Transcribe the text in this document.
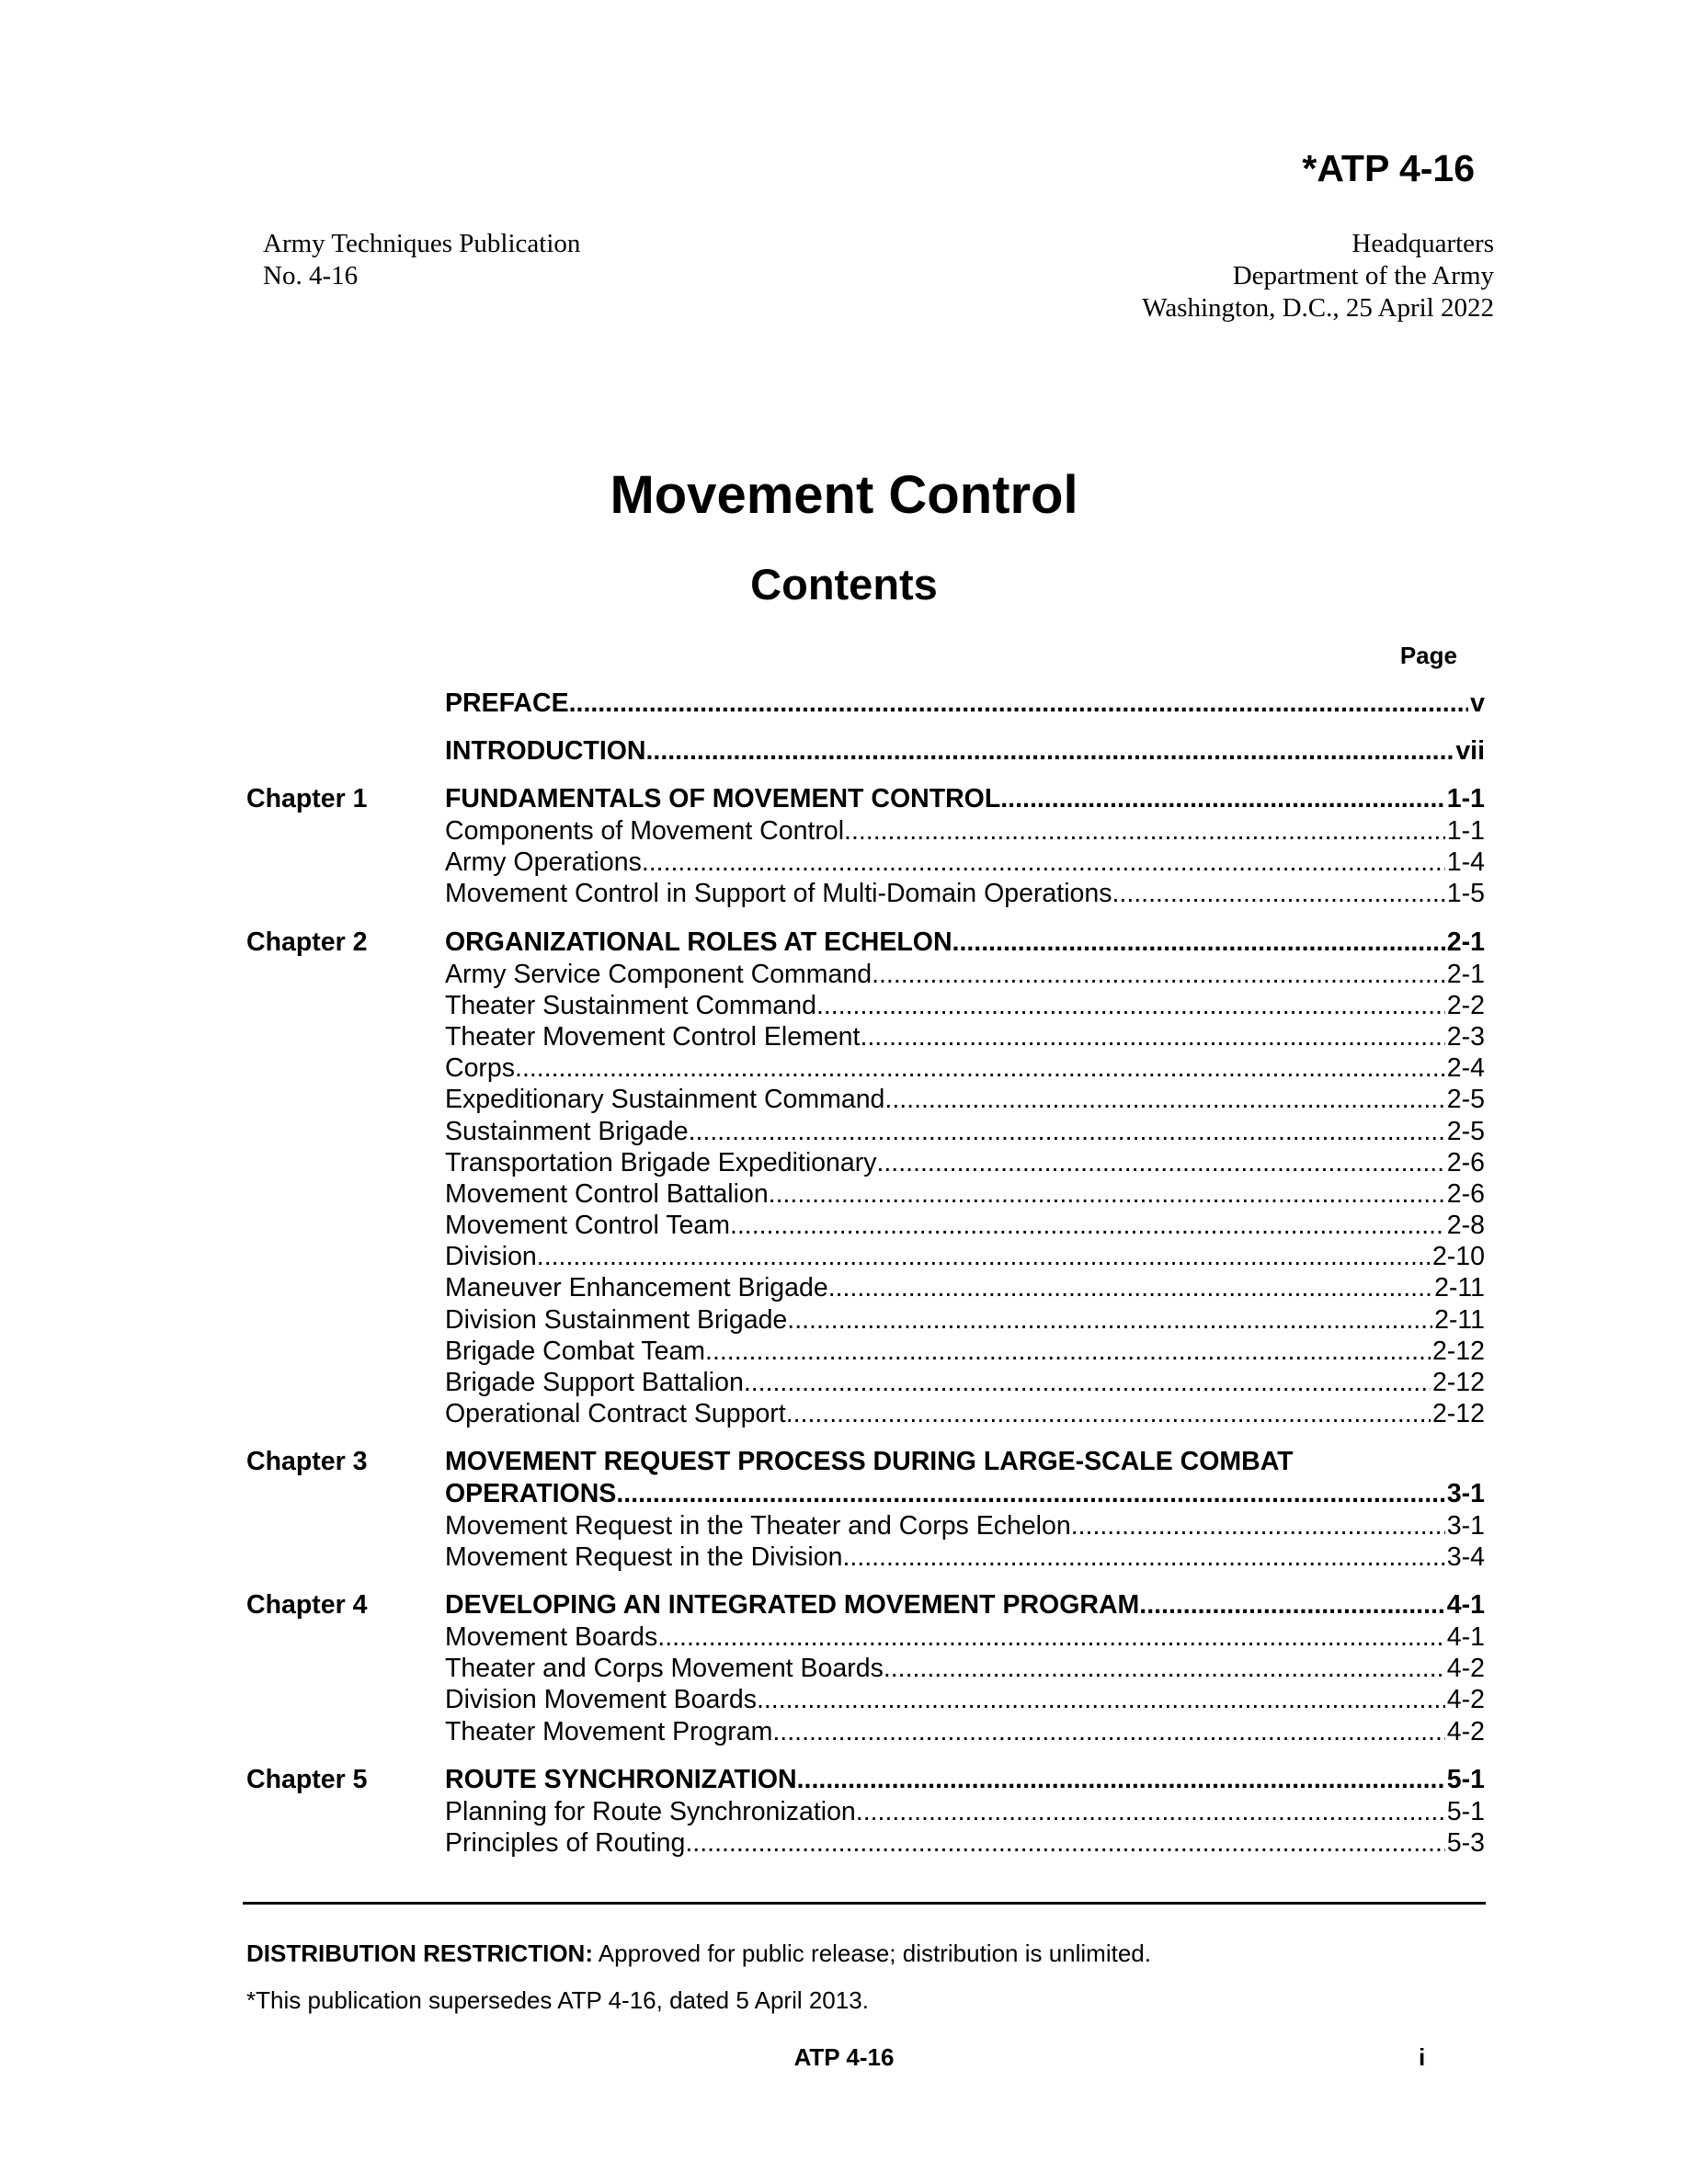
*ATP 4-16
Army Techniques Publication
No. 4-16
Headquarters
Department of the Army
Washington, D.C., 25 April 2022
Movement Control
Contents
Page
PREFACE .....	v
INTRODUCTION .....	vii
Chapter 1	FUNDAMENTALS OF MOVEMENT CONTROL .....	1-1
Components of Movement Control .....	1-1
Army Operations .....	1-4
Movement Control in Support of Multi-Domain Operations .....	1-5
Chapter 2	ORGANIZATIONAL ROLES AT ECHELON .....	2-1
Army Service Component Command .....	2-1
Theater Sustainment Command .....	2-2
Theater Movement Control Element .....	2-3
Corps .....	2-4
Expeditionary Sustainment Command .....	2-5
Sustainment Brigade .....	2-5
Transportation Brigade Expeditionary .....	2-6
Movement Control Battalion .....	2-6
Movement Control Team .....	2-8
Division .....	2-10
Maneuver Enhancement Brigade .....	2-11
Division Sustainment Brigade .....	2-11
Brigade Combat Team .....	2-12
Brigade Support Battalion .....	2-12
Operational Contract Support .....	2-12
Chapter 3	MOVEMENT REQUEST PROCESS DURING LARGE-SCALE COMBAT
OPERATIONS .....	3-1
Movement Request in the Theater and Corps Echelon .....	3-1
Movement Request in the Division .....	3-4
Chapter 4	DEVELOPING AN INTEGRATED MOVEMENT PROGRAM .....	4-1
Movement Boards .....	4-1
Theater and Corps Movement Boards .....	4-2
Division Movement Boards .....	4-2
Theater Movement Program .....	4-2
Chapter 5	ROUTE SYNCHRONIZATION .....	5-1
Planning for Route Synchronization .....	5-1
Principles of Routing .....	5-3
DISTRIBUTION RESTRICTION: Approved for public release; distribution is unlimited.
*This publication supersedes ATP 4-16, dated 5 April 2013.
ATP 4-16	i
